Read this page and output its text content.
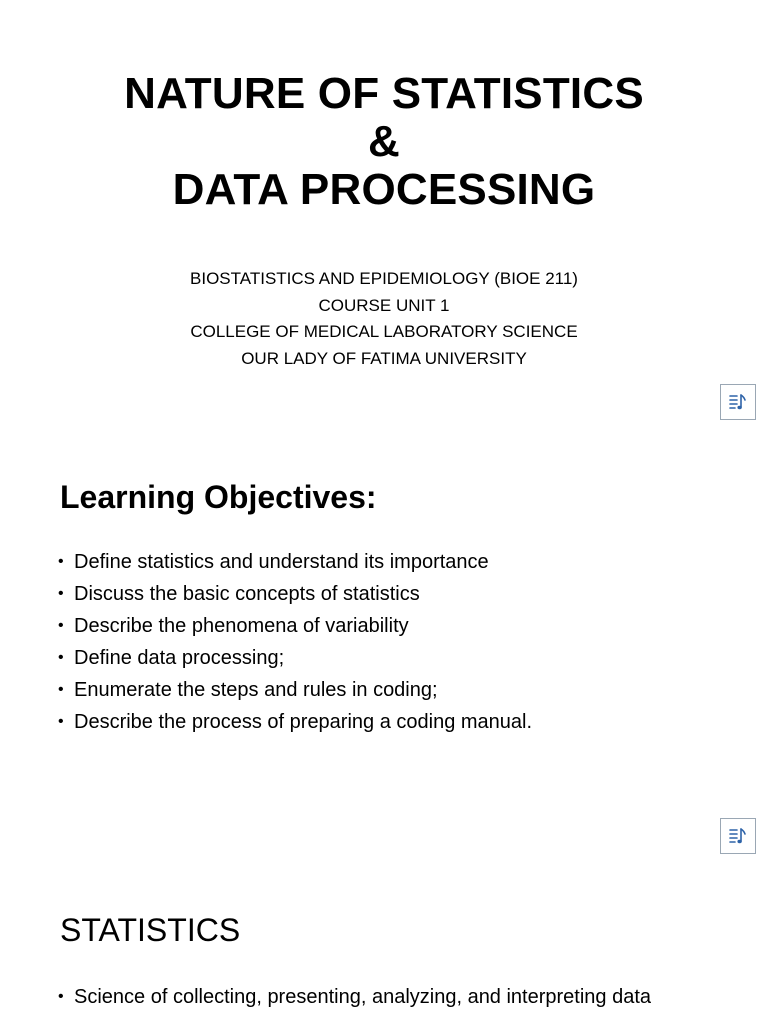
NATURE OF STATISTICS
&
DATA PROCESSING
BIOSTATISTICS AND EPIDEMIOLOGY (BIOE 211)
COURSE UNIT 1
COLLEGE OF MEDICAL LABORATORY SCIENCE
OUR LADY OF FATIMA UNIVERSITY
Learning Objectives:
• Define statistics and understand its importance
• Discuss the basic concepts of statistics
• Describe the phenomena of variability
• Define data processing;
• Enumerate the steps and rules in coding;
• Describe the process of preparing a coding manual.
STATISTICS
• Science of collecting, presenting, analyzing, and interpreting data
